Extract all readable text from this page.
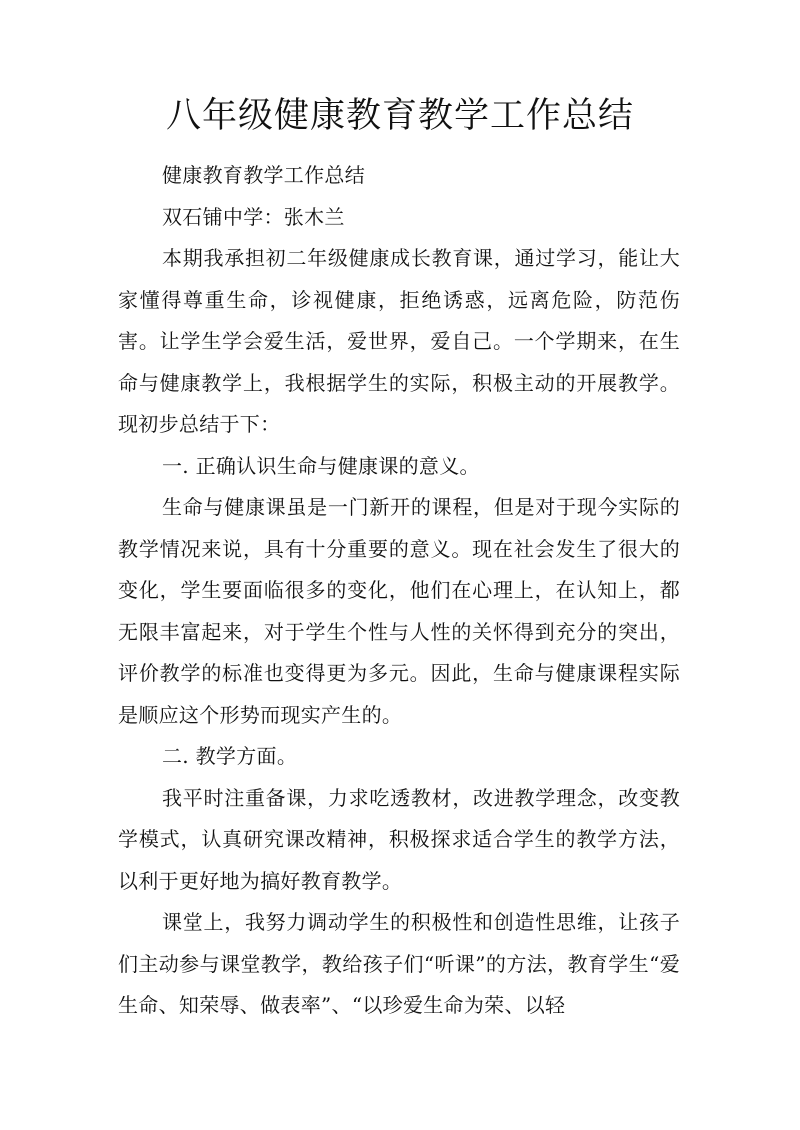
八年级健康教育教学工作总结

健康教育教学工作总结

双石铺中学：张木兰

本期我承担初二年级健康成长教育课，通过学习，能让大家懂得尊重生命，诊视健康，拒绝诱惑，远离危险，防范伤害。让学生学会爱生活，爱世界，爱自己。一个学期来，在生命与健康教学上，我根据学生的实际，积极主动的开展教学。现初步总结于下：

一. 正确认识生命与健康课的意义。

生命与健康课虽是一门新开的课程，但是对于现今实际的教学情况来说，具有十分重要的意义。现在社会发生了很大的变化，学生要面临很多的变化，他们在心理上，在认知上，都无限丰富起来，对于学生个性与人性的关怀得到充分的突出，评价教学的标准也变得更为多元。因此，生命与健康课程实际是顺应这个形势而现实产生的。

二. 教学方面。

我平时注重备课，力求吃透教材，改进教学理念，改变教学模式，认真研究课改精神，积极探求适合学生的教学方法，以利于更好地为搞好教育教学。

课堂上，我努力调动学生的积极性和创造性思维，让孩子们主动参与课堂教学，教给孩子们“听课”的方法，教育学生“爱生命、知荣辱、做表率”、“以珍爱生命为荣、以轻
